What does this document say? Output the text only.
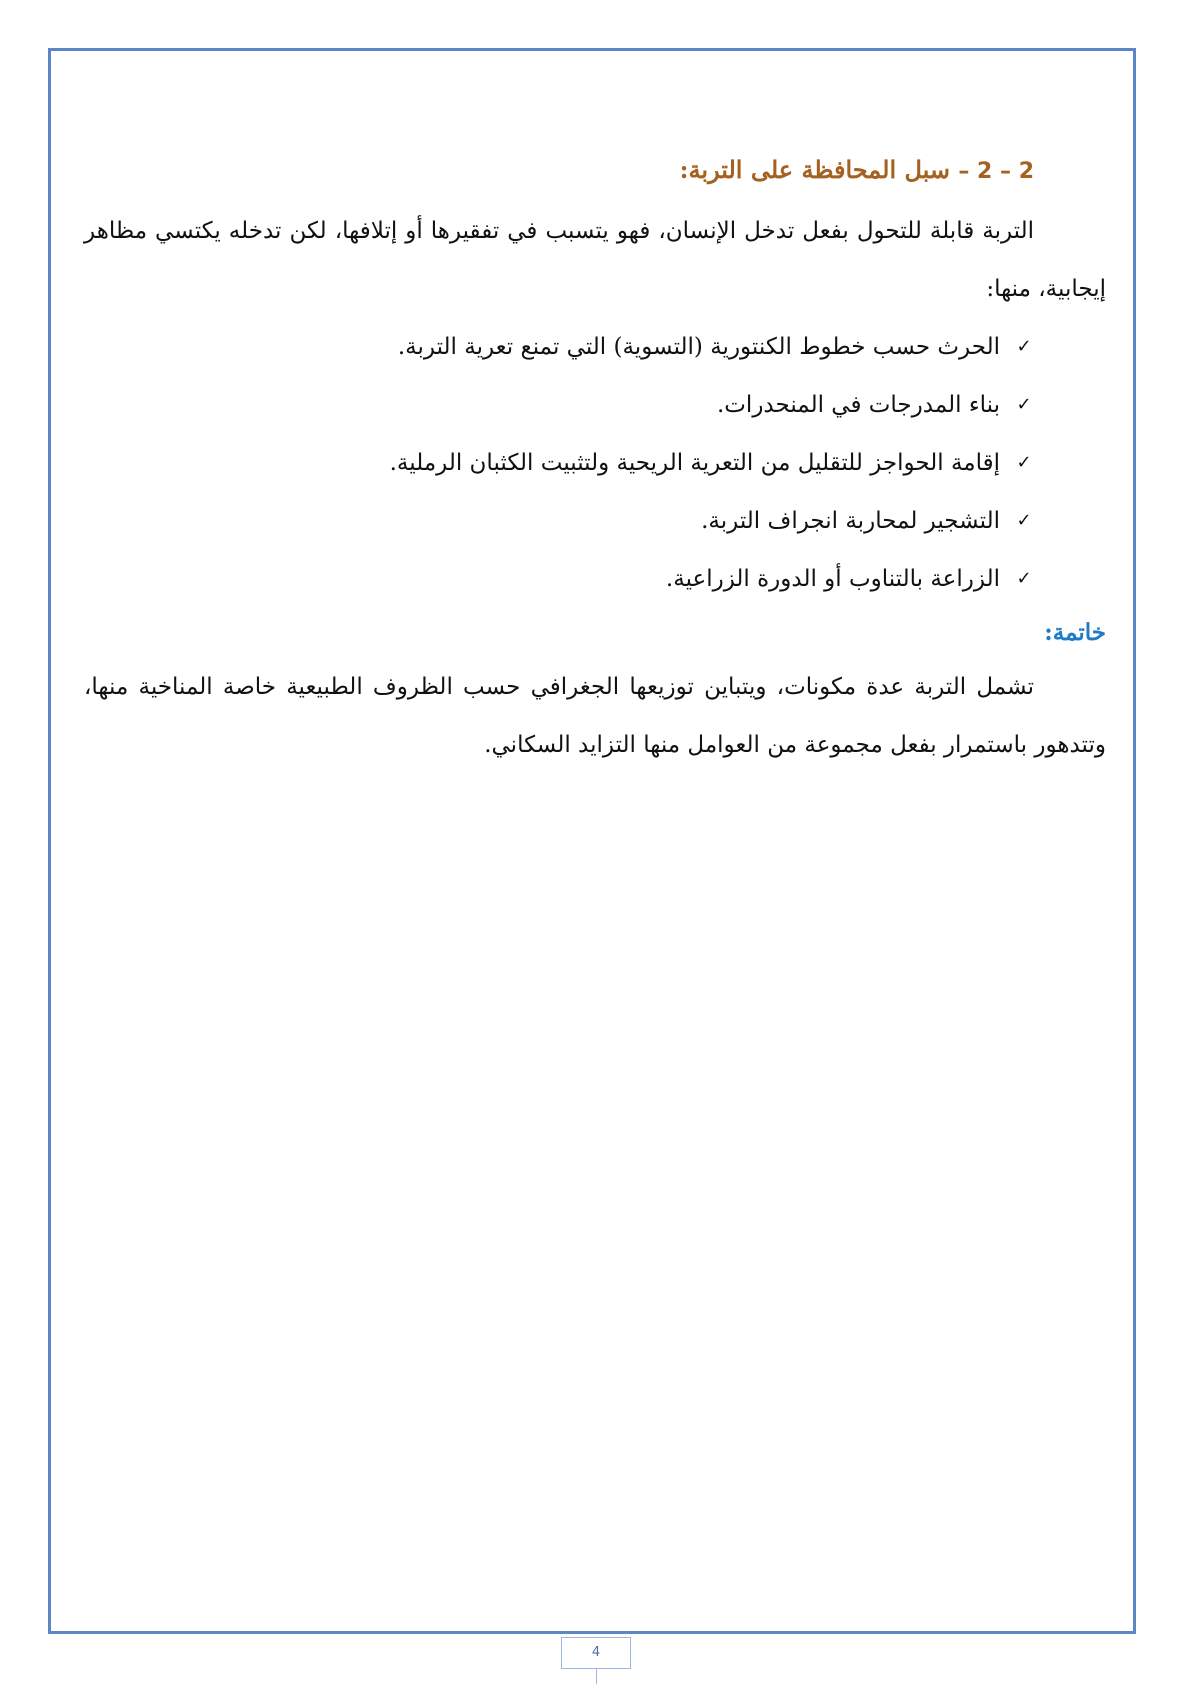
2 – 2 – سبل المحافظة على التربة:

التربة قابلة للتحول بفعل تدخل الإنسان، فهو يتسبب في تفقيرها أو إتلافها، لكن تدخله يكتسي مظاهر إيجابية، منها:

✓
الحرث حسب خطوط الكنتورية (التسوية) التي تمنع تعرية التربة.
✓
بناء المدرجات في المنحدرات.
✓
إقامة الحواجز للتقليل من التعرية الريحية ولتثبيت الكثبان الرملية.
✓
التشجير لمحاربة انجراف التربة.
✓
الزراعة بالتناوب أو الدورة الزراعية.
خاتمة:

تشمل التربة عدة مكونات، ويتباين توزيعها الجغرافي حسب الظروف الطبيعية خاصة المناخية منها، وتتدهور باستمرار بفعل مجموعة من العوامل منها التزايد السكاني.

4
